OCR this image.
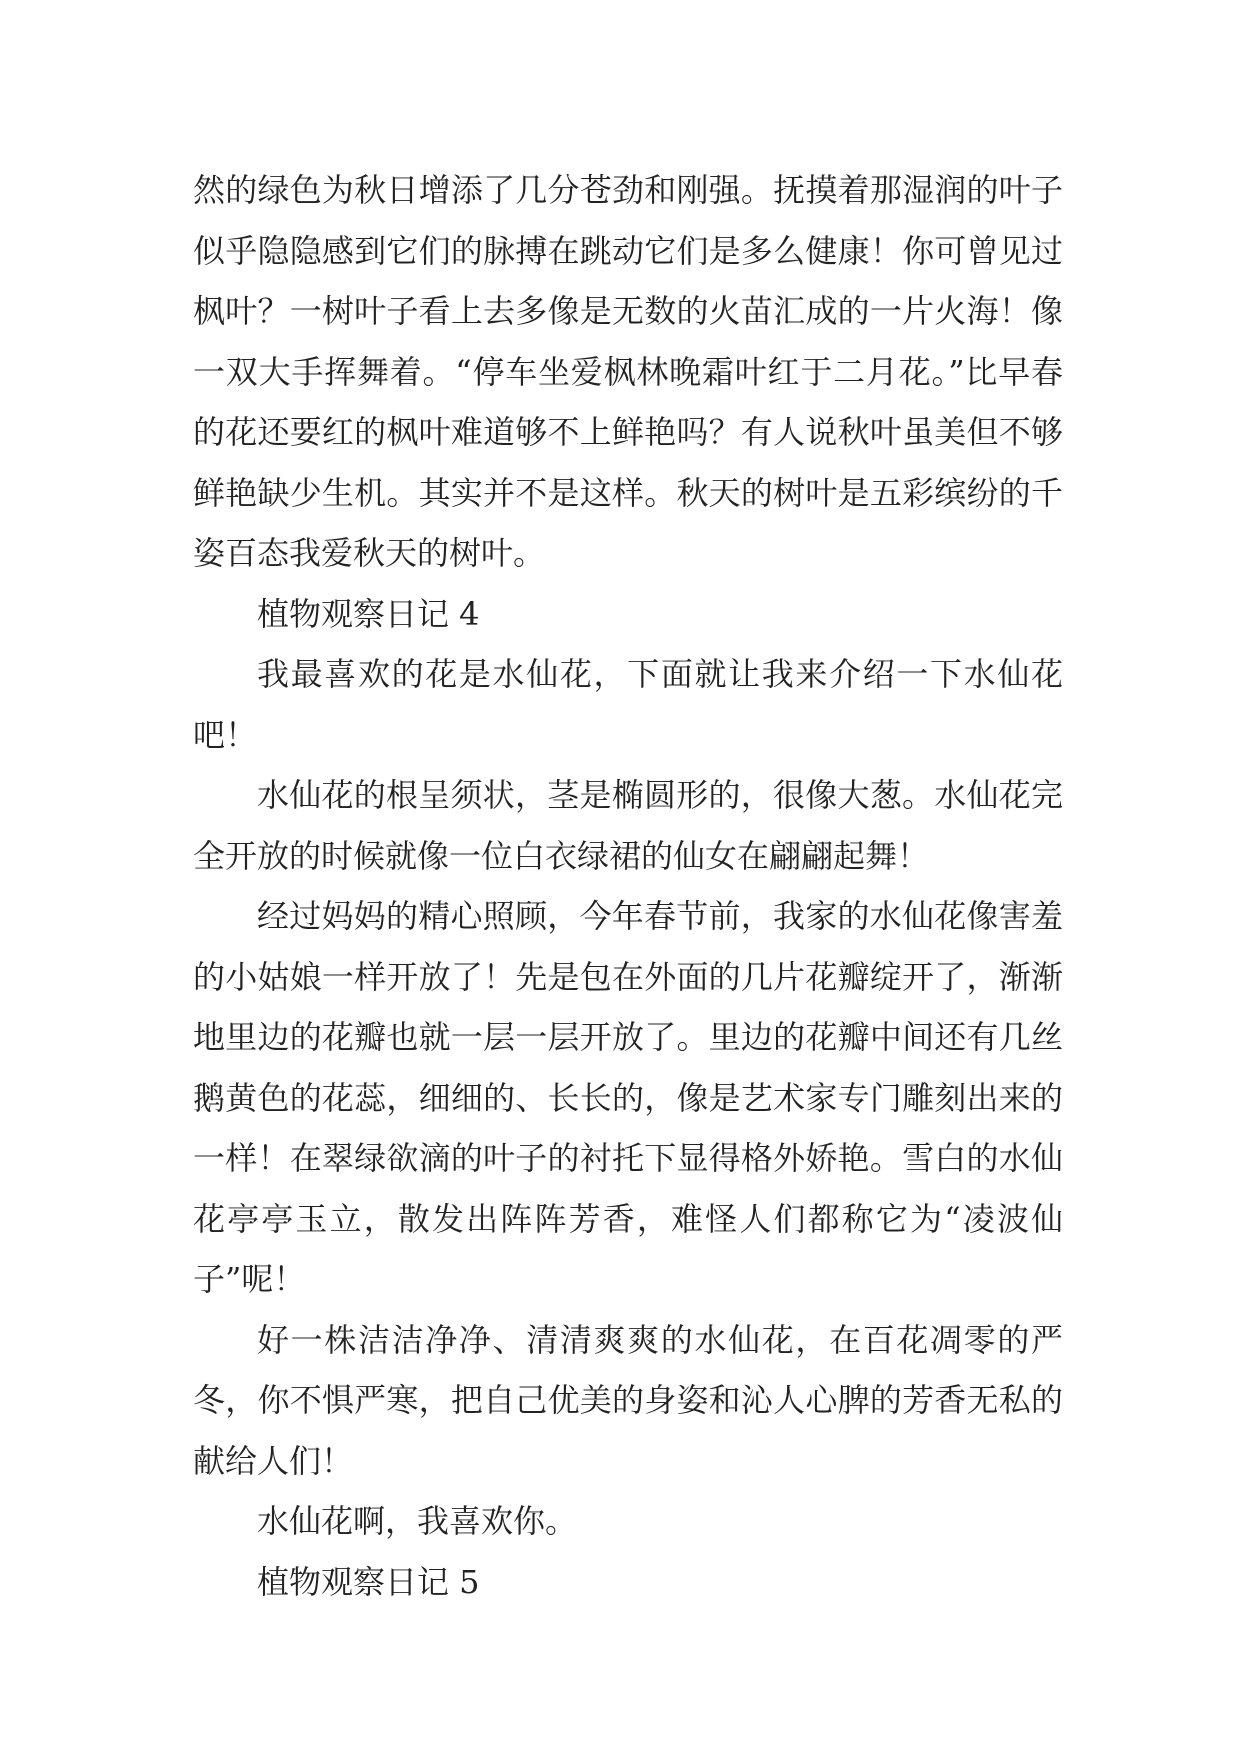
然的绿色为秋日增添了几分苍劲和刚强。抚摸着那湿润的叶子似乎隐隐感到它们的脉搏在跳动它们是多么健康！你可曾见过枫叶？一树叶子看上去多像是无数的火苗汇成的一片火海！像一双大手挥舞着。“停车坐爱枫林晚霜叶红于二月花。”比早春的花还要红的枫叶难道够不上鲜艳吗？有人说秋叶虽美但不够鲜艳缺少生机。其实并不是这样。秋天的树叶是五彩缤纷的千姿百态我爱秋天的树叶。

植物观察日记 4

我最喜欢的花是水仙花，下面就让我来介绍一下水仙花吧！

水仙花的根呈须状，茎是椭圆形的，很像大葱。水仙花完全开放的时候就像一位白衣绿裙的仙女在翩翩起舞！

经过妈妈的精心照顾，今年春节前，我家的水仙花像害羞的小姑娘一样开放了！先是包在外面的几片花瓣绽开了，渐渐地里边的花瓣也就一层一层开放了。里边的花瓣中间还有几丝鹅黄色的花蕊，细细的、长长的，像是艺术家专门雕刻出来的一样！在翠绿欲滴的叶子的衬托下显得格外娇艳。雪白的水仙花亭亭玉立，散发出阵阵芳香，难怪人们都称它为“凌波仙子”呢！

好一株洁洁净净、清清爽爽的水仙花，在百花凋零的严冬，你不惧严寒，把自己优美的身姿和沁人心脾的芳香无私的献给人们！

水仙花啊，我喜欢你。

植物观察日记 5
